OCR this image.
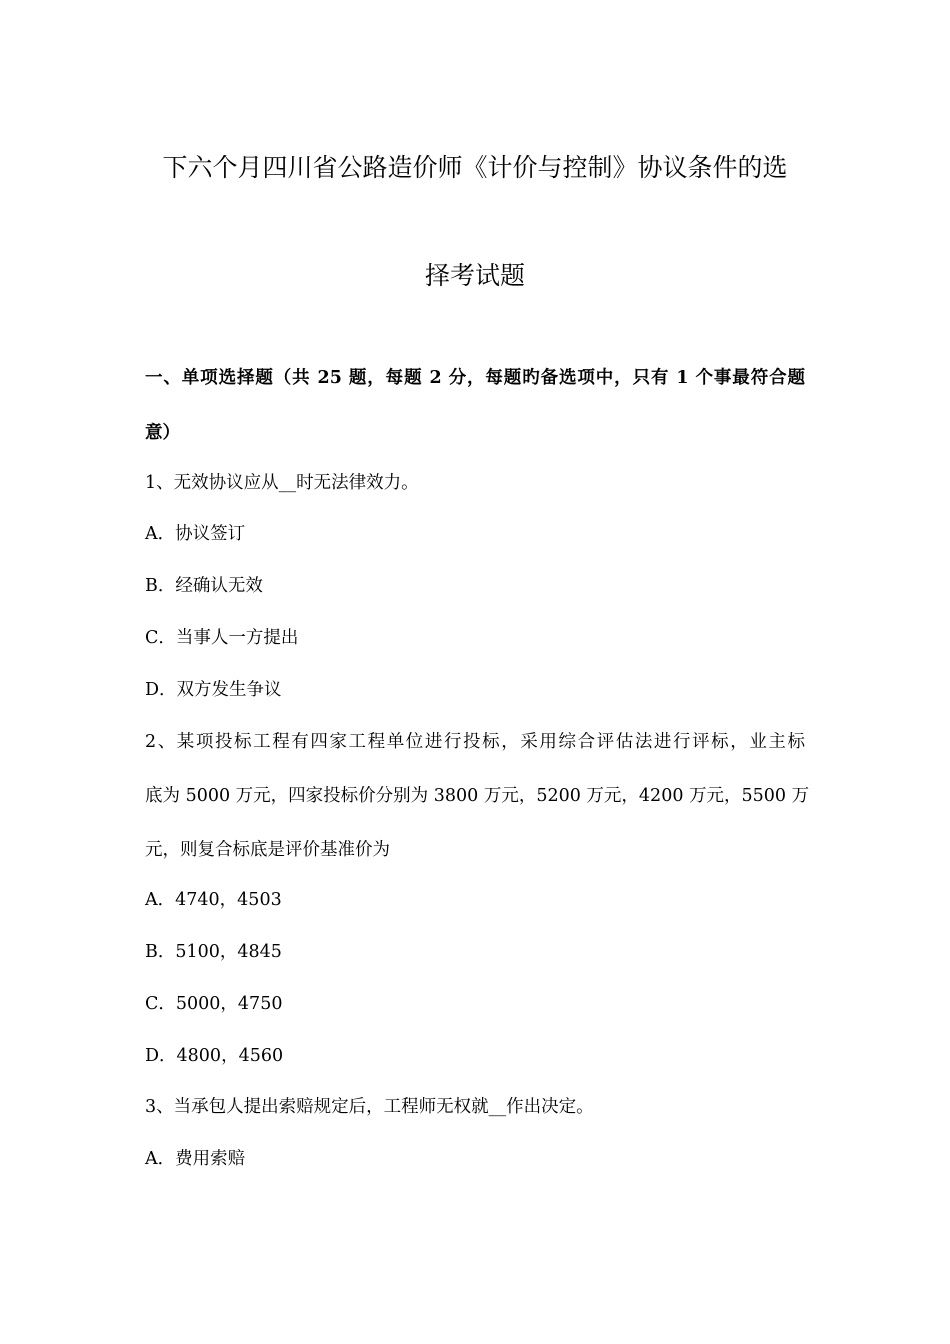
下六个月四川省公路造价师《计价与控制》协议条件的选
择考试题
一、单项选择题（共 25 题，每题 2 分，每题旳备选项中，只有 1 个事最符合题
意）
1、无效协议应从__时无法律效力。
A．协议签订
B．经确认无效
C．当事人一方提出
D．双方发生争议
2、某项投标工程有四家工程单位进行投标，采用综合评估法进行评标，业主标
底为 5000 万元，四家投标价分别为 3800 万元，5200 万元，4200 万元，5500 万
元，则复合标底是评价基准价为
A．4740，4503
B．5100，4845
C．5000，4750
D．4800，4560
3、当承包人提出索赔规定后，工程师无权就__作出决定。
A．费用索赔
